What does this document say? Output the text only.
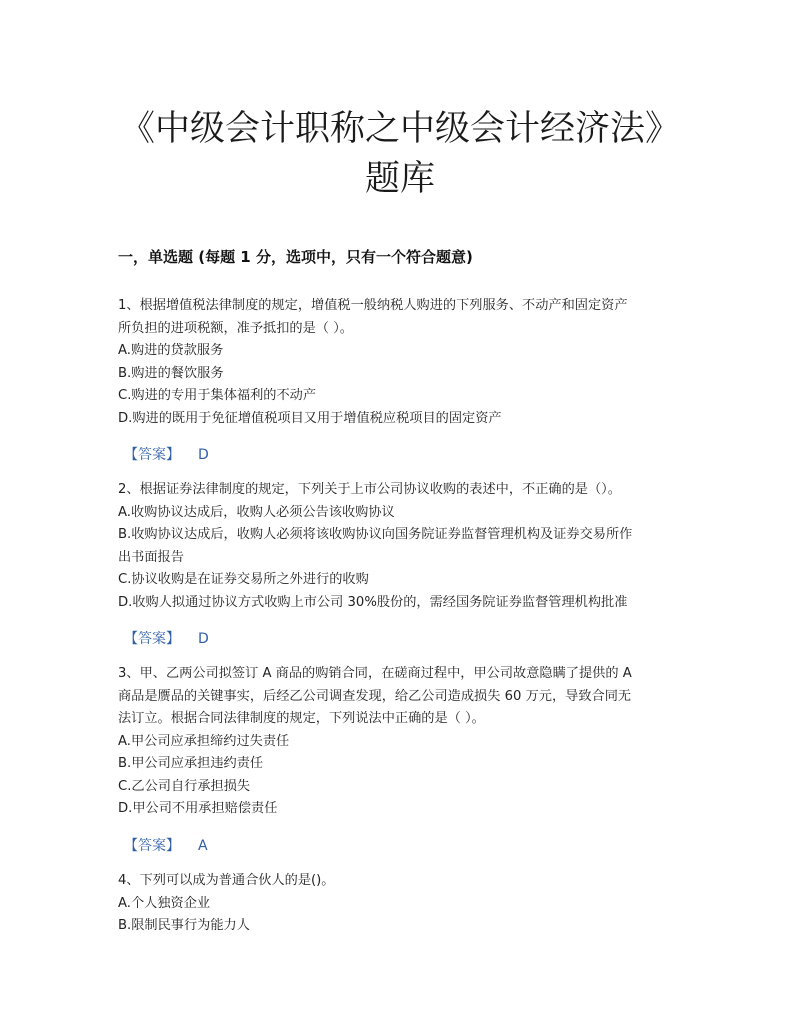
《中级会计职称之中级会计经济法》
题库
一，单选题 (每题 1 分，选项中，只有一个符合题意)

1、根据增值税法律制度的规定，增值税一般纳税人购进的下列服务、不动产和固定资产

所负担的进项税额，准予抵扣的是（ ）。

A.购进的贷款服务

B.购进的餐饮服务

C.购进的专用于集体福利的不动产

D.购进的既用于免征增值税项目又用于增值税应税项目的固定资产

【答案】 D

2、根据证券法律制度的规定，下列关于上市公司协议收购的表述中，不正确的是（）。

A.收购协议达成后，收购人必须公告该收购协议

B.收购协议达成后，收购人必须将该收购协议向国务院证券监督管理机构及证券交易所作

出书面报告

C.协议收购是在证券交易所之外进行的收购

D.收购人拟通过协议方式收购上市公司 30%股份的，需经国务院证券监督管理机构批准

【答案】 D

3、甲、乙两公司拟签订 A 商品的购销合同，在磋商过程中，甲公司故意隐瞒了提供的 A

商品是赝品的关键事实，后经乙公司调查发现，给乙公司造成损失 60 万元，导致合同无

法订立。根据合同法律制度的规定，下列说法中正确的是（ ）。

A.甲公司应承担缔约过失责任

B.甲公司应承担违约责任

C.乙公司自行承担损失

D.甲公司不用承担赔偿责任

【答案】 A

4、下列可以成为普通合伙人的是()。

A.个人独资企业

B.限制民事行为能力人
